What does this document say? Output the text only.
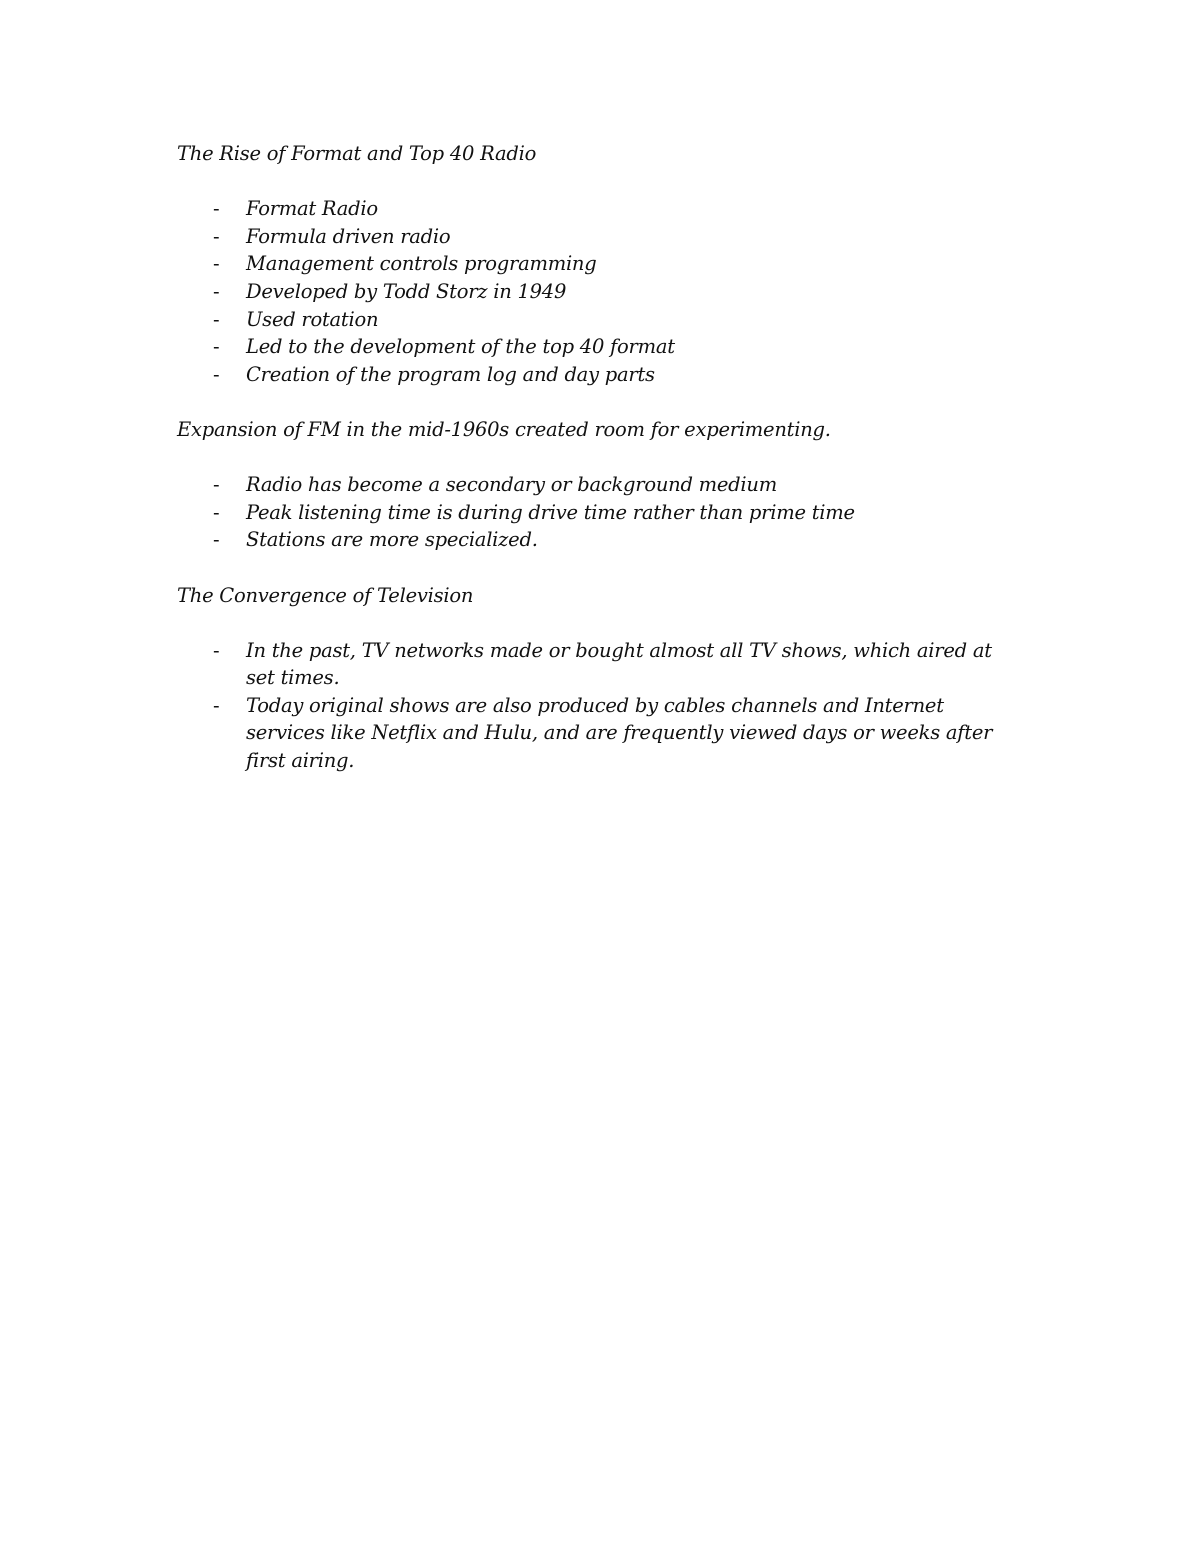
The Rise of Format and Top 40 Radio

- Format Radio
- Formula driven radio
- Management controls programming
- Developed by Todd Storz in 1949
- Used rotation
- Led to the development of the top 40 format
- Creation of the program log and day parts

Expansion of FM in the mid-1960s created room for experimenting.

- Radio has become a secondary or background medium
- Peak listening time is during drive time rather than prime time
- Stations are more specialized.

The Convergence of Television

- In the past, TV networks made or bought almost all TV shows, which aired at set times.
- Today original shows are also produced by cables channels and Internet services like Netflix and Hulu, and are frequently viewed days or weeks after first airing.
